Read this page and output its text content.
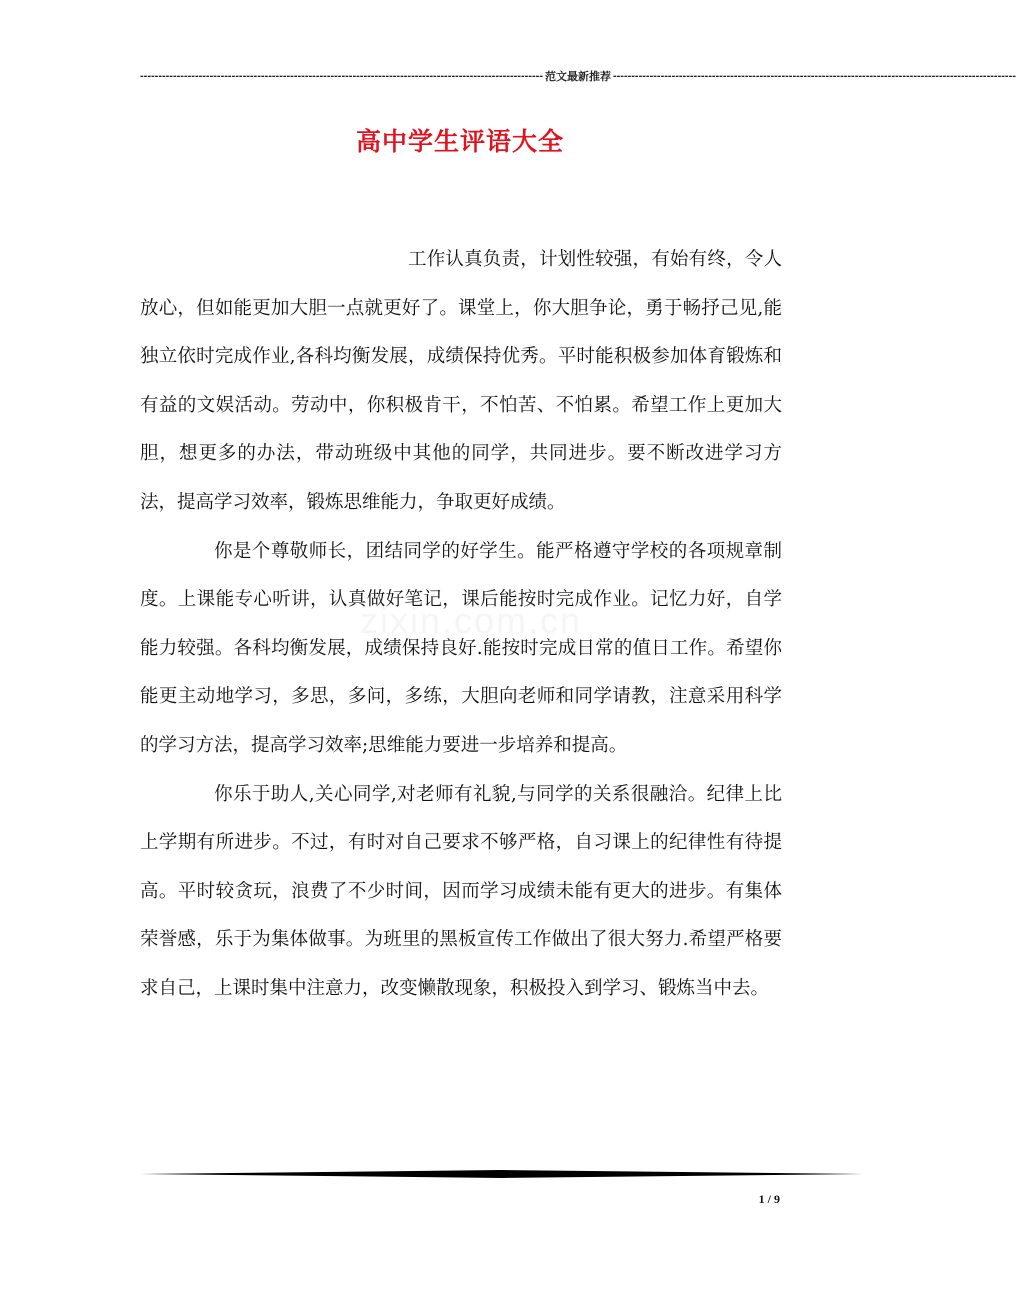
-------------------------------------------------------------------------------------------------------------- 范文最新推荐 --------------------------------------------------------------------------------------------------------------
高中学生评语大全
zixin.com.cn

工作认真负责，计划性较强，有始有终，令人放心，但如能更加大胆一点就更好了。课堂上，你大胆争论，勇于畅抒己见,能独立依时完成作业,各科均衡发展，成绩保持优秀。平时能积极参加体育锻炼和有益的文娱活动。劳动中，你积极肯干，不怕苦、不怕累。希望工作上更加大胆，想更多的办法，带动班级中其他的同学，共同进步。要不断改进学习方法，提高学习效率，锻炼思维能力，争取更好成绩。

你是个尊敬师长，团结同学的好学生。能严格遵守学校的各项规章制度。上课能专心听讲，认真做好笔记，课后能按时完成作业。记忆力好，自学能力较强。各科均衡发展，成绩保持良好.能按时完成日常的值日工作。希望你能更主动地学习，多思，多问，多练，大胆向老师和同学请教，注意采用科学的学习方法，提高学习效率;思维能力要进一步培养和提高。

你乐于助人,关心同学,对老师有礼貌,与同学的关系很融洽。纪律上比上学期有所进步。不过，有时对自己要求不够严格，自习课上的纪律性有待提高。平时较贪玩，浪费了不少时间，因而学习成绩未能有更大的进步。有集体荣誉感，乐于为集体做事。为班里的黑板宣传工作做出了很大努力.希望严格要求自己，上课时集中注意力，改变懒散现象，积极投入到学习、锻炼当中去。

1 / 9
